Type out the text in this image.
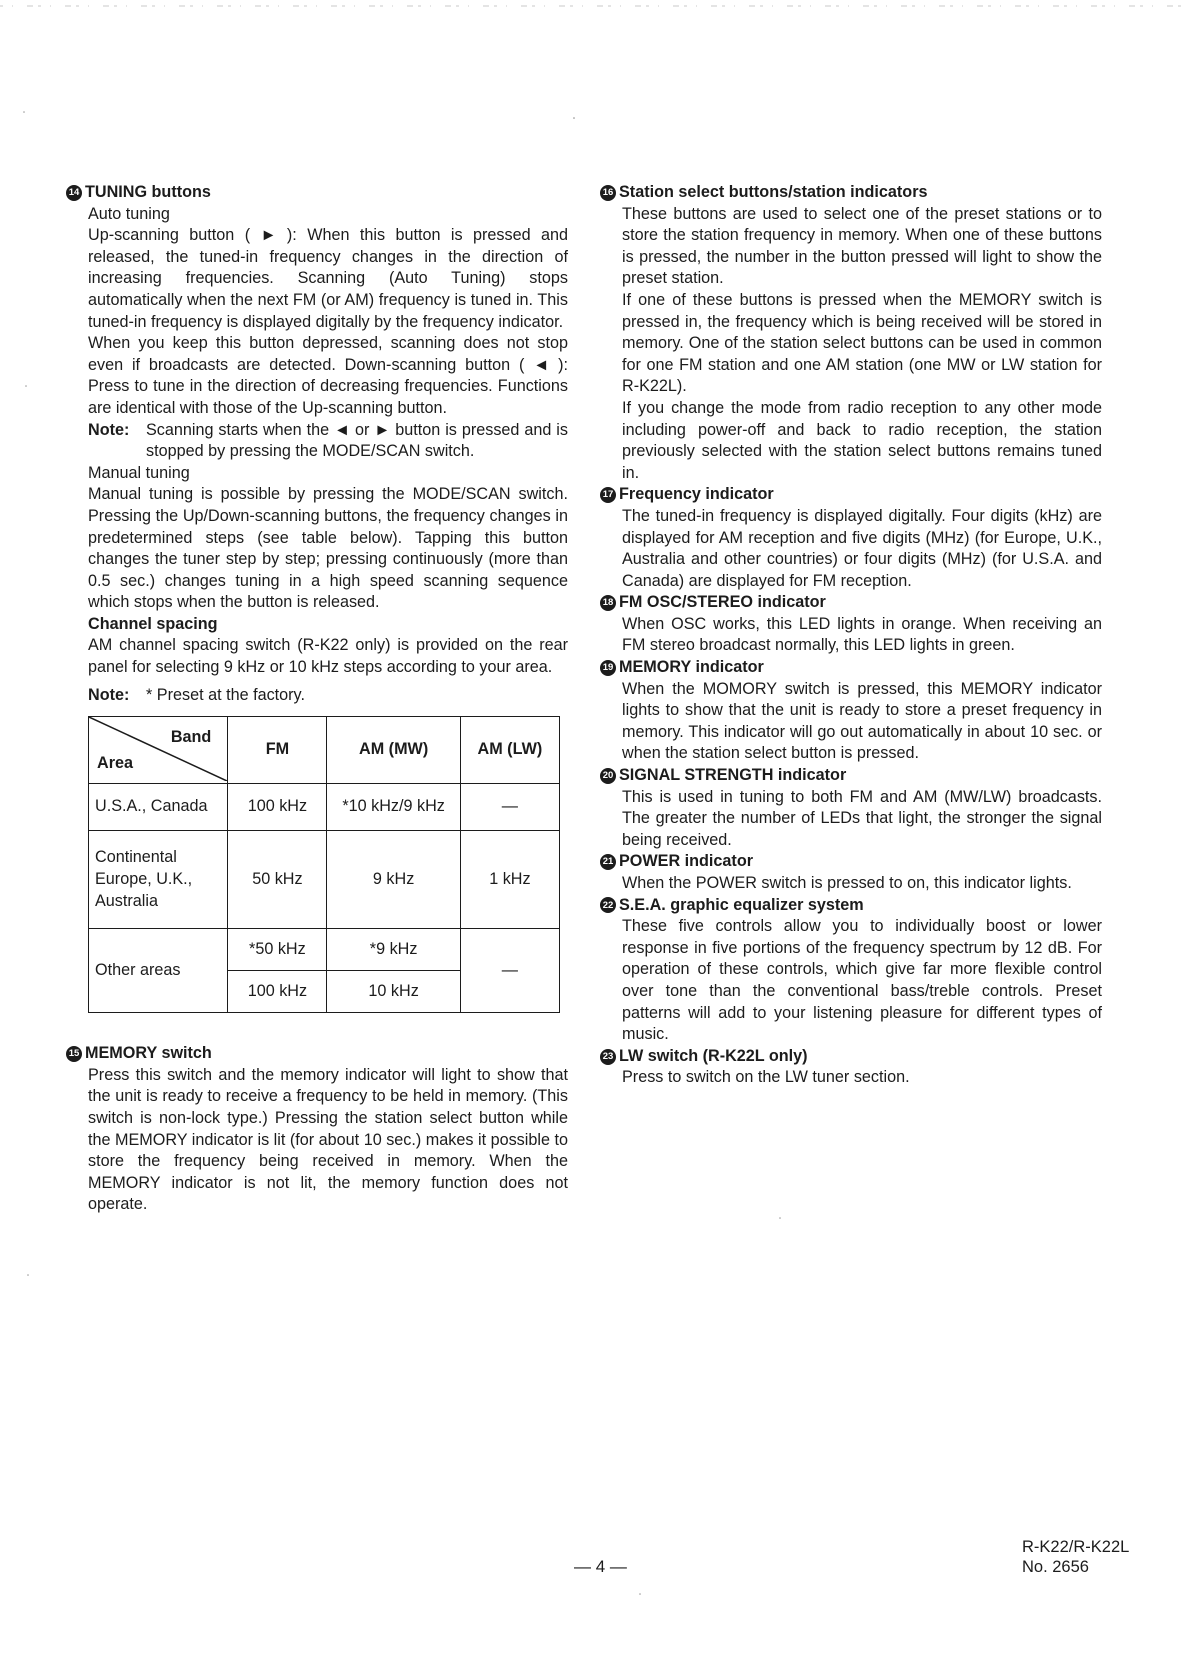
14 TUNING buttons
Auto tuning

Up-scanning button ( ► ): When this button is pressed and released, the tuned-in frequency changes in the direction of increasing frequencies. Scanning (Auto Tuning) stops automatically when the next FM (or AM) frequency is tuned in. This tuned-in frequency is displayed digitally by the frequency indicator.

When you keep this button depressed, scanning does not stop even if broadcasts are detected. Down-scanning button ( ◄ ): Press to tune in the direction of decreasing frequencies. Functions are identical with those of the Up-scanning button.

Note:	Scanning starts when the ◄ or ► button is pressed and is stopped by pressing the MODE/SCAN switch.
Manual tuning

Manual tuning is possible by pressing the MODE/SCAN switch. Pressing the Up/Down-scanning buttons, the frequency changes in predetermined steps (see table below). Tapping this button changes the tuner step by step; pressing continuously (more than 0.5 sec.) changes tuning in a high speed scanning sequence which stops when the button is released.

Channel spacing

AM channel spacing switch (R-K22 only) is provided on the rear panel for selecting 9 kHz or 10 kHz steps according to your area.

Note:	* Preset at the factory.
Band
Area	FM	AM (MW)	AM (LW)
U.S.A., Canada	100 kHz	*10 kHz/9 kHz	—
Continental Europe, U.K., Australia	50 kHz	9 kHz	1 kHz
Other areas	*50 kHz	*9 kHz	—
	100 kHz	10 kHz	
15 MEMORY switch

Press this switch and the memory indicator will light to show that the unit is ready to receive a frequency to be held in memory. (This switch is non-lock type.) Pressing the station select button while the MEMORY indicator is lit (for about 10 sec.) makes it possible to store the frequency being received in memory. When the MEMORY indicator is not lit, the memory function does not operate.

16 Station select buttons/station indicators

These buttons are used to select one of the preset stations or to store the station frequency in memory. When one of these buttons is pressed, the number in the button pressed will light to show the preset station.

If one of these buttons is pressed when the MEMORY switch is pressed in, the frequency which is being received will be stored in memory. One of the station select buttons can be used in common for one FM station and one AM station (one MW or LW station for R-K22L).

If you change the mode from radio reception to any other mode including power-off and back to radio reception, the station previously selected with the station select buttons remains tuned in.

17 Frequency indicator

The tuned-in frequency is displayed digitally. Four digits (kHz) are displayed for AM reception and five digits (MHz) (for Europe, U.K., Australia and other countries) or four digits (MHz) (for U.S.A. and Canada) are displayed for FM reception.

18 FM OSC/STEREO indicator

When OSC works, this LED lights in orange. When receiving an FM stereo broadcast normally, this LED lights in green.

19 MEMORY indicator

When the MOMORY switch is pressed, this MEMORY indicator lights to show that the unit is ready to store a preset frequency in memory. This indicator will go out automatically in about 10 sec. or when the station select button is pressed.

20 SIGNAL STRENGTH indicator

This is used in tuning to both FM and AM (MW/LW) broadcasts. The greater the number of LEDs that light, the stronger the signal being received.

21 POWER indicator

When the POWER switch is pressed to on, this indicator lights.

22 S.E.A. graphic equalizer system

These five controls allow you to individually boost or lower response in five portions of the frequency spectrum by 12 dB. For operation of these controls, which give far more flexible control over tone than the conventional bass/treble controls. Preset patterns will add to your listening pleasure for different types of music.

23 LW switch (R-K22L only)

Press to switch on the LW tuner section.

— 4 —
R-K22/R-K22L
No. 2656
